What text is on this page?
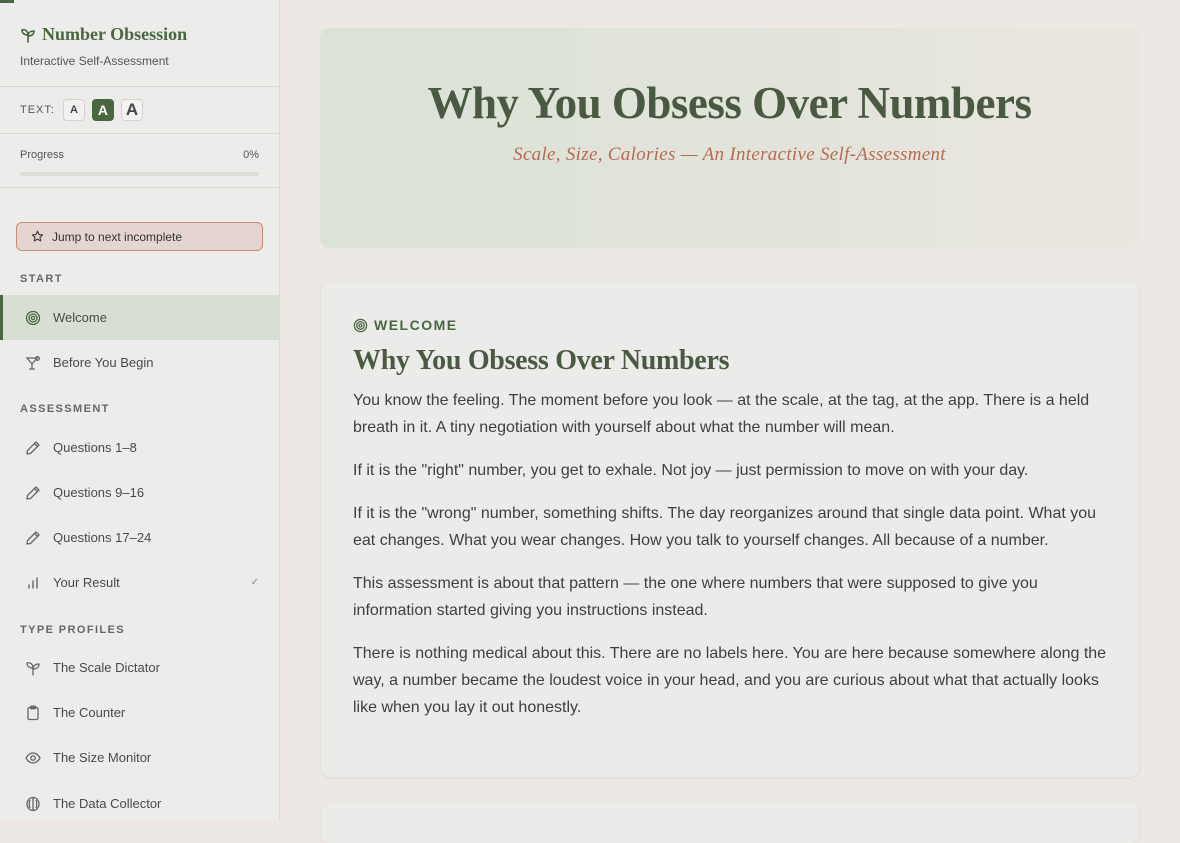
Number Obsession
Interactive Self-Assessment
TEXT:	A	A	A
Progress	0%
Jump to next incomplete
START
Welcome
Before You Begin
ASSESSMENT
Questions 1–8
Questions 9–16
Questions 17–24
Your Result	✓
TYPE PROFILES
The Scale Dictator
The Counter
The Size Monitor
The Data Collector
Why You Obsess Over Numbers
Scale, Size, Calories — An Interactive Self-Assessment
WELCOME
Why You Obsess Over Numbers

You know the feeling. The moment before you look — at the scale, at the tag, at the app. There is a held breath in it. A tiny negotiation with yourself about what the number will mean.

If it is the "right" number, you get to exhale. Not joy — just permission to move on with your day.

If it is the "wrong" number, something shifts. The day reorganizes around that single data point. What you eat changes. What you wear changes. How you talk to yourself changes. All because of a number.

This assessment is about that pattern — the one where numbers that were supposed to give you information started giving you instructions instead.

There is nothing medical about this. There are no labels here. You are here because somewhere along the way, a number became the loudest voice in your head, and you are curious about what that actually looks like when you lay it out honestly.
